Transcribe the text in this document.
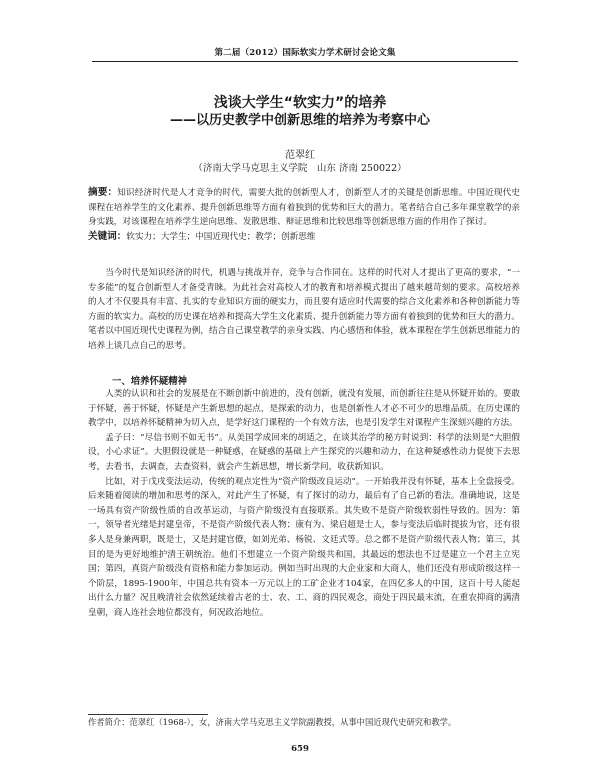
第二届（2012）国际软实力学术研讨会论文集
浅谈大学生“软实力”的培养
——以历史教学中创新思维的培养为考察中心
范翠红
（济南大学马克思主义学院　山东 济南 250022）

摘要：知识经济时代是人才竞争的时代，需要大批的创新型人才，创新型人才的关键是创新思维。中国近现代史课程在培养学生的文化素养、提升创新思维等方面有着独到的优势和巨大的潜力。笔者结合自己多年课堂教学的亲身实践，对该课程在培养学生逆向思维、发散思维、辩证思维和比较思维等创新思维方面的作用作了探讨。

关键词：软实力；大学生；中国近现代史；教学；创新思维

当今时代是知识经济的时代，机遇与挑战并存，竞争与合作同在。这样的时代对人才提出了更高的要求，“一专多能”的复合创新型人才备受青睐。为此社会对高校人才的教育和培养模式提出了越来越苛刻的要求。高校培养的人才不仅要具有丰富、扎实的专业知识方面的硬实力，而且要有适应时代需要的综合文化素养和各种创新能力等方面的软实力。高校的历史课在培养和提高大学生文化素质、提升创新能力等方面有着独到的优势和巨大的潜力。笔者以中国近现代史课程为例，结合自己课堂教学的亲身实践、内心感悟和体验，就本课程在学生创新思维能力的培养上谈几点自己的思考。

一、培养怀疑精神

人类的认识和社会的发展是在不断创新中前进的，没有创新，就没有发展，而创新往往是从怀疑开始的。要敢于怀疑，善于怀疑，怀疑是产生新思想的起点，是探索的动力，也是创新性人才必不可少的思维品质。在历史课的教学中，以培养怀疑精神为切入点，是学好这门课程的一个有效方法，也是引发学生对课程产生深刻兴趣的方法。

孟子曰：“尽信书则不如无书”。从美国学成回来的胡适之，在谈其治学的秘方时说到：科学的法则是“大胆假设，小心求证”。大胆假设就是一种疑惑，在疑惑的基础上产生探究的兴趣和动力，在这种疑惑性动力促使下去思考，去看书，去调查，去查资料，就会产生新思想，增长新学问，收获新知识。

比如，对于戊戌变法运动，传统的观点定性为“资产阶级改良运动”。一开始我并没有怀疑，基本上全盘接受。后来随着阅读的增加和思考的深入，对此产生了怀疑，有了探讨的动力，最后有了自己新的看法。准确地说，这是一场具有资产阶级性质的自改革运动，与资产阶级没有直接联系。其失败不是资产阶级软弱性导致的。因为：第一，领导者光绪是封建皇帝，不是资产阶级代表人物；康有为、梁启超是士人，参与变法后临时提拔为官，还有很多人是身兼两职，既是士，又是封建官僚，如刘光弟、杨锐、文廷式等。总之都不是资产阶级代表人物；第三，其目的是为更好地维护清王朝统治。他们不想建立一个资产阶级共和国，其最远的想法也不过是建立一个君主立宪国；第四，真资产阶级没有资格和能力参加运动。例如当时出现的大企业家和大商人，他们还没有形成阶级这样一个阶层，1895-1900年，中国总共有资本一万元以上的工矿企业才104家，在四亿多人的中国，这百十号人能起出什么力量？况且晚清社会依然延续着古老的士、农、工、商的四民观念，商处于四民最末流，在重农抑商的满清皇朝，商人连社会地位都没有，何况政治地位。

作者简介：范翠红（1968-），女，济南大学马克思主义学院副教授，从事中国近现代史研究和教学。
659
